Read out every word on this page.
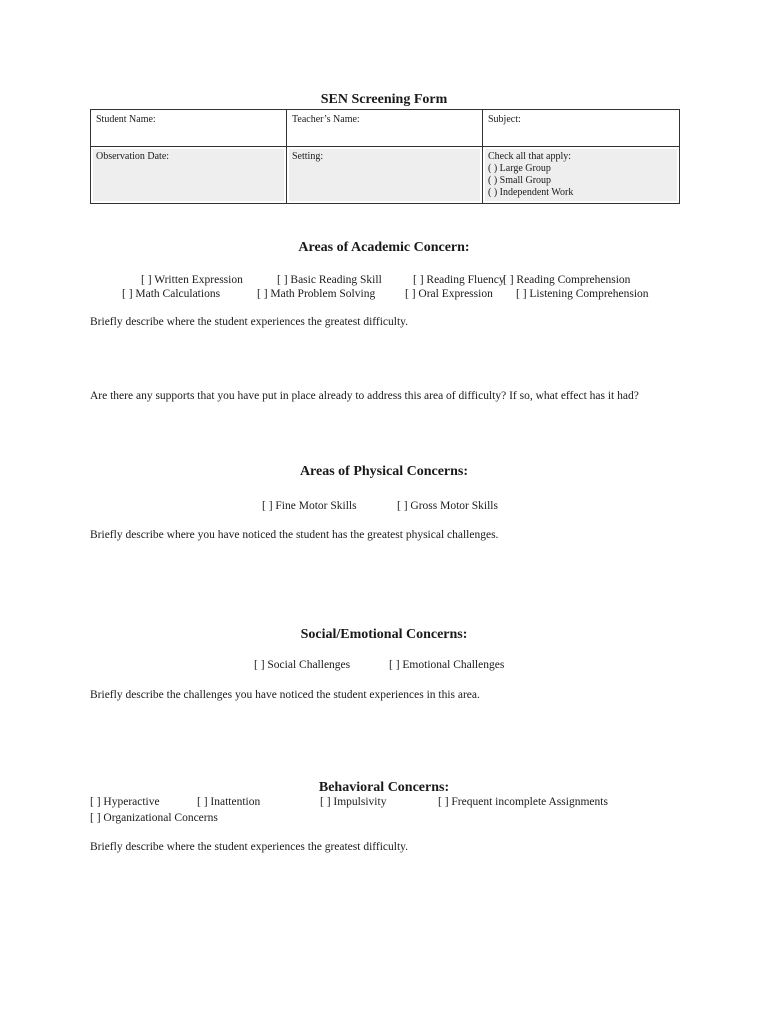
SEN Screening Form
Student Name:	Teacher’s Name:	Subject:

Observation Date:	Setting:	Check all that apply:
( ) Large Group
( ) Small Group
( ) Independent Work
Areas of Academic Concern:
[ ] Written Expression	[ ] Basic Reading Skill	[ ] Reading Fluency
[ ] Reading Comprehension
[ ] Math Calculations	[ ] Math Problem Solving	[ ] Oral Expression [ ] Listening Comprehension
Briefly describe where the student experiences the greatest difficulty.
Are there any supports that you have put in place already to address this area of difficulty? If so, what effect has it had?
Areas of Physical Concerns:
[ ] Fine Motor Skills	[ ] Gross Motor Skills
Briefly describe where you have noticed the student has the greatest physical challenges.
Social/Emotional Concerns:
[ ] Social Challenges	[ ] Emotional Challenges
Briefly describe the challenges you have noticed the student experiences in this area.
Behavioral Concerns:
[ ] Hyperactive	[ ] Inattention	[ ] Impulsivity	[ ] Frequent incomplete Assignments
[ ] Organizational Concerns
Briefly describe where the student experiences the greatest difficulty.
